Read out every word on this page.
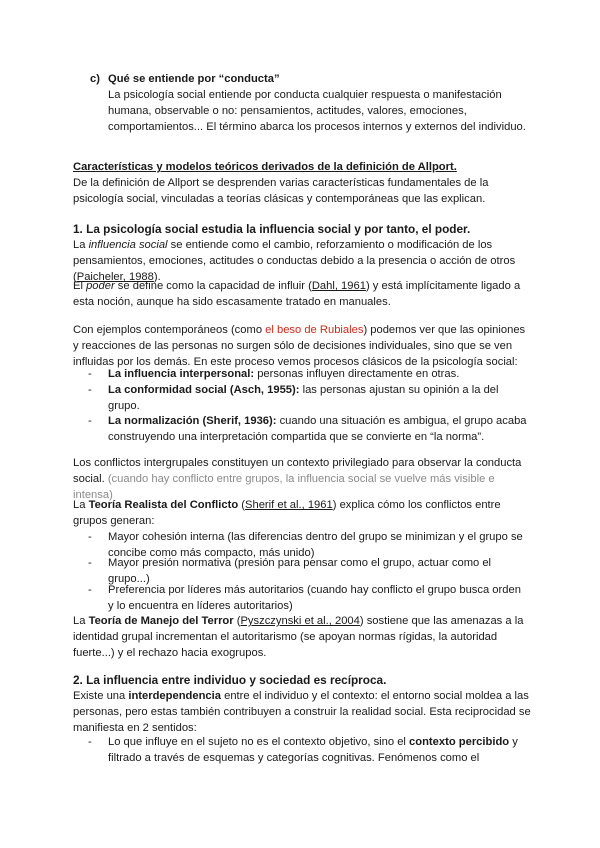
c) Qué se entiende por “conducta”

La psicología social entiende por conducta cualquier respuesta o manifestación humana, observable o no: pensamientos, actitudes, valores, emociones, comportamientos... El término abarca los procesos internos y externos del individuo.

Características y modelos teóricos derivados de la definición de Allport.

De la definición de Allport se desprenden varias características fundamentales de la psicología social, vinculadas a teorías clásicas y contemporáneas que las explican.

1. La psicología social estudia la influencia social y por tanto, el poder.

La influencia social se entiende como el cambio, reforzamiento o modificación de los pensamientos, emociones, actitudes o conductas debido a la presencia o acción de otros (Paicheler, 1988).

El poder se define como la capacidad de influir (Dahl, 1961) y está implícitamente ligado a esta noción, aunque ha sido escasamente tratado en manuales.

Con ejemplos contemporáneos (como el beso de Rubiales) podemos ver que las opiniones y reacciones de las personas no surgen sólo de decisiones individuales, sino que se ven influidas por los demás. En este proceso vemos procesos clásicos de la psicología social:

- La influencia interpersonal: personas influyen directamente en otras.

- La conformidad social (Asch, 1955): las personas ajustan su opinión a la del grupo.

- La normalización (Sherif, 1936): cuando una situación es ambigua, el grupo acaba construyendo una interpretación compartida que se convierte en “la norma”.

Los conflictos intergrupales constituyen un contexto privilegiado para observar la conducta social. (cuando hay conflicto entre grupos, la influencia social se vuelve más visible e intensa)

La Teoría Realista del Conflicto (Sherif et al., 1961) explica cómo los conflictos entre grupos generan:

- Mayor cohesión interna (las diferencias dentro del grupo se minimizan y el grupo se concibe como más compacto, más unido)

- Mayor presión normativa (presión para pensar como el grupo, actuar como el grupo...)

- Preferencia por líderes más autoritarios (cuando hay conflicto el grupo busca orden y lo encuentra en líderes autoritarios)

La Teoría de Manejo del Terror (Pyszczynski et al., 2004) sostiene que las amenazas a la identidad grupal incrementan el autoritarismo (se apoyan normas rígidas, la autoridad fuerte...) y el rechazo hacia exogrupos.

2. La influencia entre individuo y sociedad es recíproca.

Existe una interdependencia entre el individuo y el contexto: el entorno social moldea a las personas, pero estas también contribuyen a construir la realidad social. Esta reciprocidad se manifiesta en 2 sentidos:

- Lo que influye en el sujeto no es el contexto objetivo, sino el contexto percibido y filtrado a través de esquemas y categorías cognitivas. Fenómenos como el
